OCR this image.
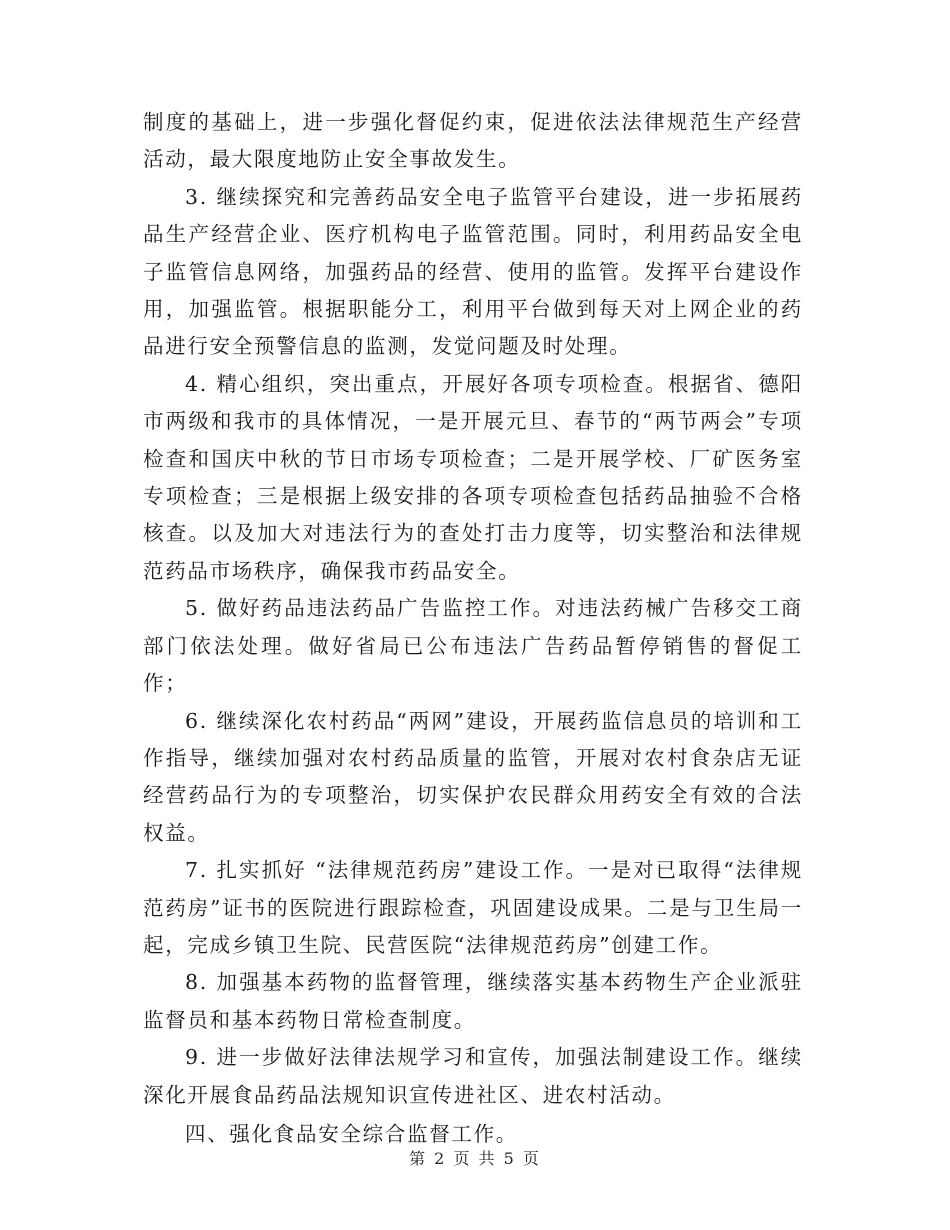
制度的基础上，进一步强化督促约束，促进依法法律规范生产经营活动，最大限度地防止安全事故发生。

3. 继续探究和完善药品安全电子监管平台建设，进一步拓展药品生产经营企业、医疗机构电子监管范围。同时，利用药品安全电子监管信息网络，加强药品的经营、使用的监管。发挥平台建设作用，加强监管。根据职能分工，利用平台做到每天对上网企业的药品进行安全预警信息的监测，发觉问题及时处理。

4. 精心组织，突出重点，开展好各项专项检查。根据省、德阳市两级和我市的具体情况，一是开展元旦、春节的“两节两会”专项检查和国庆中秋的节日市场专项检查；二是开展学校、厂矿医务室专项检查；三是根据上级安排的各项专项检查包括药品抽验不合格核查。以及加大对违法行为的查处打击力度等，切实整治和法律规范药品市场秩序，确保我市药品安全。

5. 做好药品违法药品广告监控工作。对违法药械广告移交工商部门依法处理。做好省局已公布违法广告药品暂停销售的督促工作；

6. 继续深化农村药品“两网”建设，开展药监信息员的培训和工作指导，继续加强对农村药品质量的监管，开展对农村食杂店无证经营药品行为的专项整治，切实保护农民群众用药安全有效的合法权益。

7. 扎实抓好 “法律规范药房”建设工作。一是对已取得“法律规范药房”证书的医院进行跟踪检查，巩固建设成果。二是与卫生局一起，完成乡镇卫生院、民营医院“法律规范药房”创建工作。

8. 加强基本药物的监督管理，继续落实基本药物生产企业派驻监督员和基本药物日常检查制度。

9. 进一步做好法律法规学习和宣传，加强法制建设工作。继续深化开展食品药品法规知识宣传进社区、进农村活动。

四、强化食品安全综合监督工作。

第 2 页 共 5 页
